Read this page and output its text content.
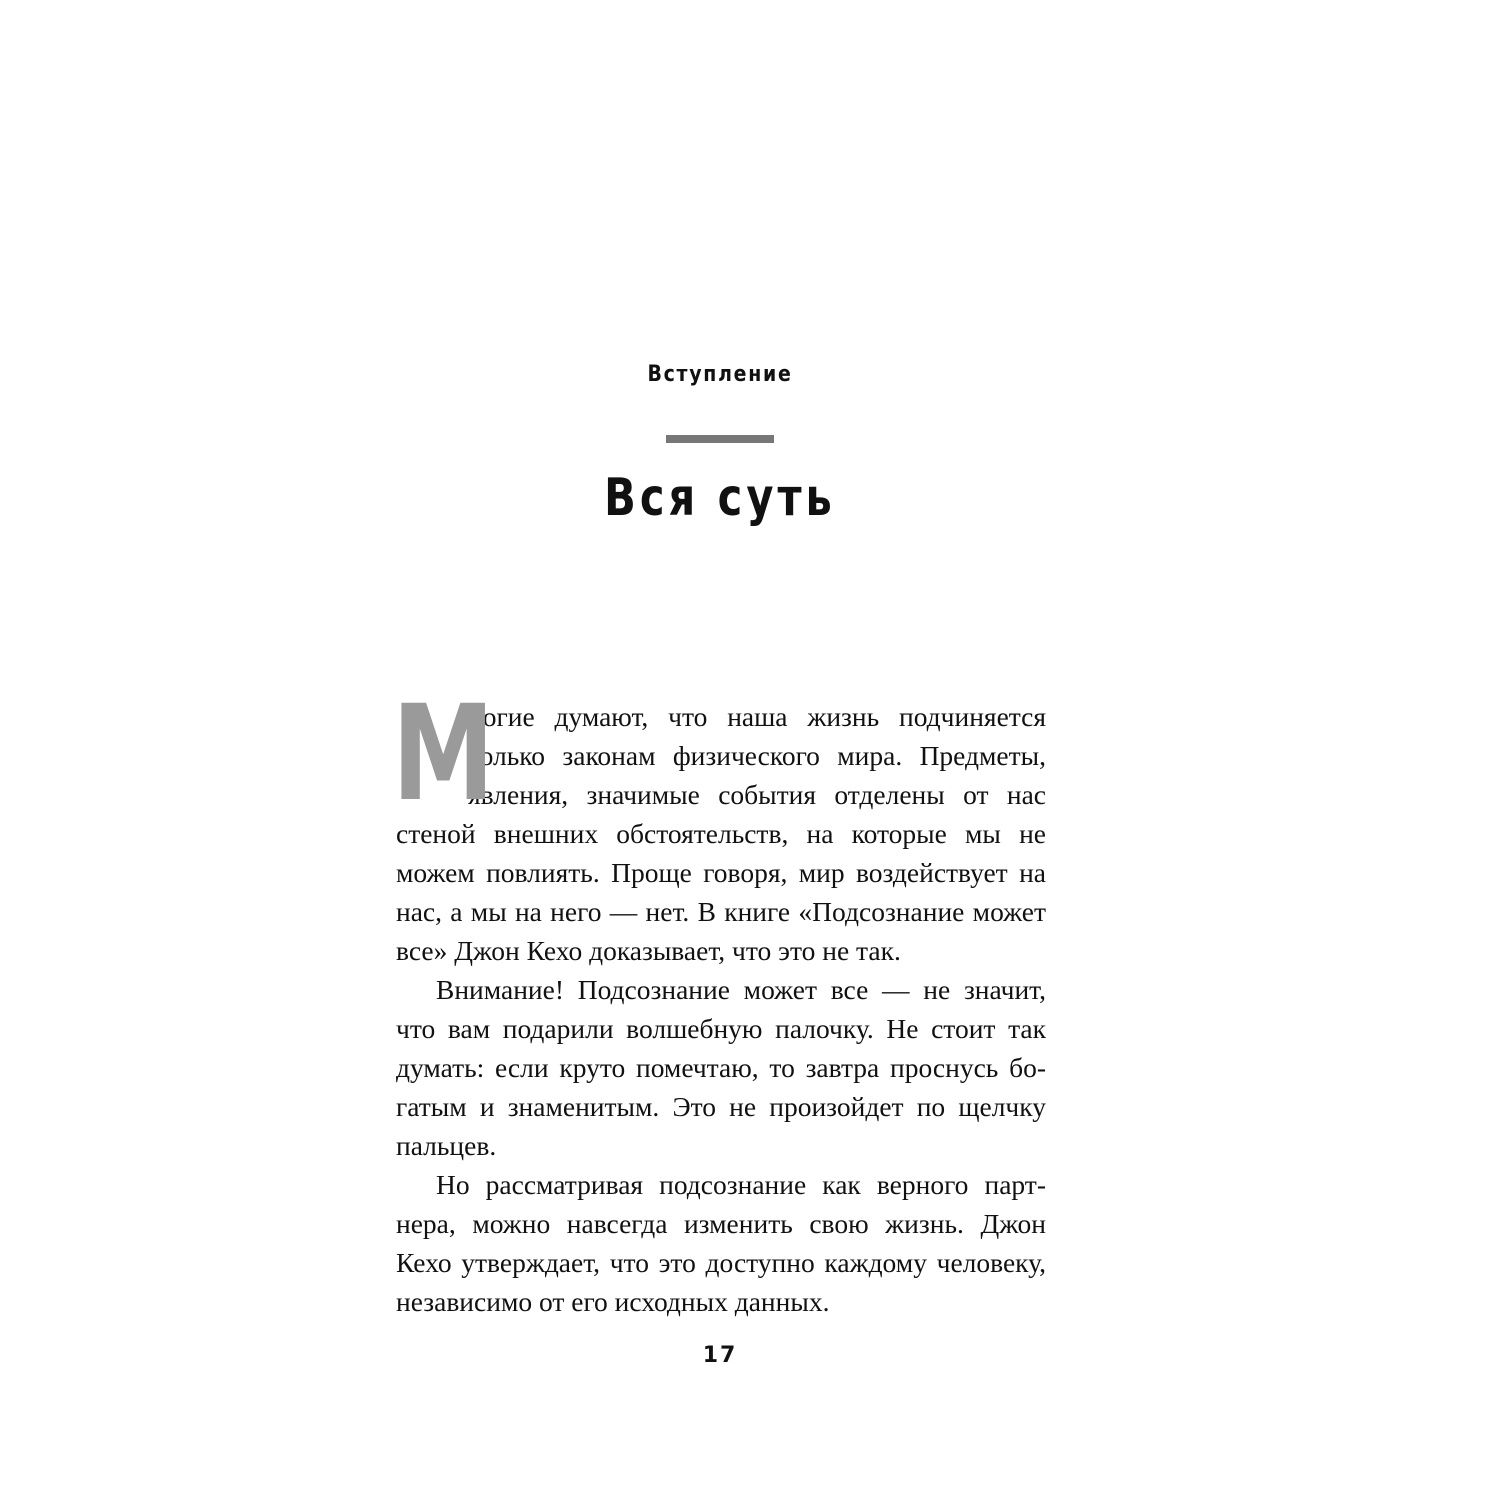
Вступление
Вся суть

М
ногие думают, что наша жизнь подчиняется только законам физического мира. Предметы, явления, значимые события отделены от нас стеной внешних обстоятельств, на которые мы не можем повлиять. Проще говоря, мир воздействует на нас, а мы на него — нет. В книге «Подсознание может все» Джон Кехо доказывает, что это не так.

Внимание! Подсознание может все — не значит, что вам подарили волшебную палочку. Не стоит так думать: если круто помечтаю, то завтра проснусь богатым и знаменитым. Это не произойдет по щелчку пальцев.

Но рассматривая подсознание как верного партнера, можно навсегда изменить свою жизнь. Джон Кехо утверждает, что это доступно каждому человеку, независимо от его исходных данных.

17
